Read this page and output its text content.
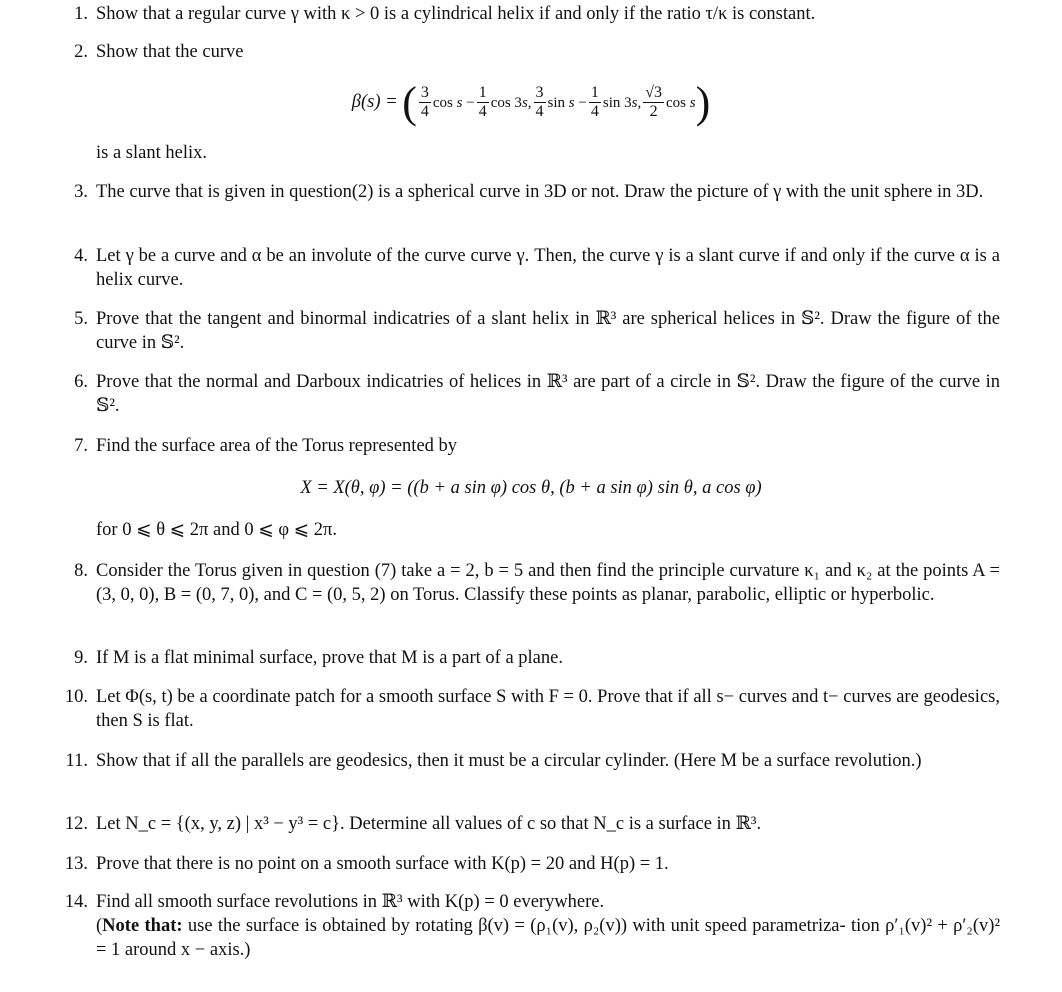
1. Show that a regular curve γ with κ > 0 is a cylindrical helix if and only if the ratio τ/κ is constant.
2. Show that the curve
β(s) = ( $\frac{3}{4}$ $\cos s - \frac{1}{4}$ cos 3s, $\frac{3}{4}$ $\sin s - \frac{1}{4}$ sin 3s, $\frac{√3}{2}$ cos s)
is a slant helix.
3. The curve that is given in question(2) is a spherical curve in 3D or not. Draw the picture of γ with the unit sphere in 3D.
4. Let γ be a curve and α be an involute of the curve curve γ. Then, the curve γ is a slant curve if and only if the curve α is a helix curve.
5. Prove that the tangent and binormal indicatries of a slant helix in ℝ³ are spherical helices in 𝕊². Draw the figure of the curve in 𝕊².
6. Prove that the normal and Darboux indicatries of helices in ℝ³ are part of a circle in 𝕊². Draw the figure of the curve in 𝕊².
7. Find the surface area of the Torus represented by
X = X(θ, φ) = ((b + a sin φ) cos θ, (b + a sin φ) sin θ, a cos φ)
for 0 ⩽ θ ⩽ 2π and 0 ⩽ φ ⩽ 2π.
8. Consider the Torus given in question (7) take a = 2, b = 5 and then find the principle curvature κ₁ and κ₂ at the points A = (3, 0, 0), B = (0, 7, 0), and C = (0, 5, 2) on Torus. Classify these points as planar, parabolic, elliptic or hyperbolic.
9. If M is a flat minimal surface, prove that M is a part of a plane.
10. Let Φ(s, t) be a coordinate patch for a smooth surface S with F = 0. Prove that if all s− curves and t− curves are geodesics, then S is flat.
11. Show that if all the parallels are geodesics, then it must be a circular cylinder. (Here M be a surface revolution.)
12. Let N_c = {(x, y, z) | x³ − y³ = c}. Determine all values of c so that N_c is a surface in ℝ³.
13. Prove that there is no point on a smooth surface with K(p) = 20 and H(p) = 1.
14. Find all smooth surface revolutions in ℝ³ with K(p) = 0 everywhere.
(Note that: use the surface is obtained by rotating β(v) = (ρ₁(v), ρ₂(v)) with unit speed parametriza- tion ρ′₁(v)² + ρ′₂(v)² = 1 around x − axis.)
